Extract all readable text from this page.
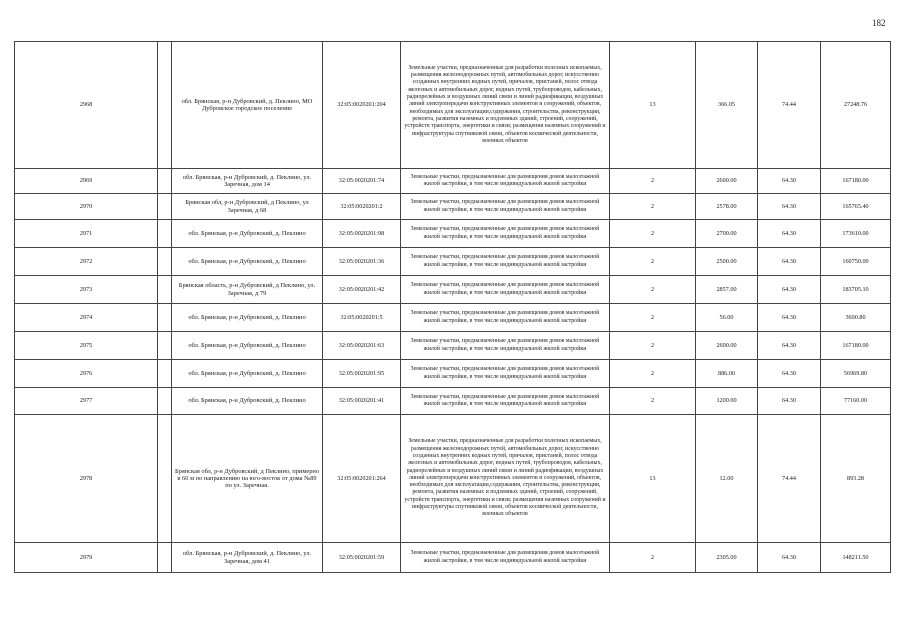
182
2968		обл. Брянская, р-н Дубровский, д. Пеклино, МО Дубровское городское поселение	32:05:0020201:204	Земельные участки, предназначенные для разработки полезных ископаемых, размещения железнодорожных путей, автомобильных дорог, искусственно созданных внутренних водных путей, причалов, пристаней, полос отвода железных и автомобильных дорог, водных путей, трубопроводов, кабельных, радиорелейных и воздушных линий связи и линий радиофикации, воздушных линий электропередачи конструктивных элементов и сооружений, объектов, необходимых для эксплуатации,содержания, строительства, реконструкции, ремонта, развития наземных и подземных зданий, строений, сооружений, устройств транспорта, энергетики и связи; размещения наземных сооружений и инфраструктуры спутниковой связи, объектов космической деятельности, военных объектов	13	366.05	74.44	27248.76
2969		обл. Брянская, р-н Дубровский, д. Пеклино, ул. Заречная, дом 14	32:05:0020201:74	Земельные участки, предназначенные для размещения домов малоэтажной жилой застройки, в том числе индивидуальной жилой застройки	2	2600.00	64.30	167180.00
2970		Брянская обл, р-н Дубровский, д Пеклино, ул Заречная, д 68	32:05:0020201:2	Земельные участки, предназначенные для размещения домов малоэтажной жилой застройки, в том числе индивидуальной жилой застройки	2	2578.00	64.30	165765.40
2971		обл. Брянская, р-н Дубровский, д. Пеклино	32:05:0020201:98	Земельные участки, предназначенные для размещения домов малоэтажной жилой застройки, в том числе индивидуальной жилой застройки	2	2700.00	64.30	173610.00
2972		обл. Брянская, р-н Дубровский, д. Пеклино	32:05:0020201:36	Земельные участки, предназначенные для размещения домов малоэтажной жилой застройки, в том числе индивидуальной жилой застройки	2	2500.00	64.30	160750.00
2973		Брянская область, р-н Дубровский, д Пеклино, ул. Заречная, д 79	32:05:0020201:42	Земельные участки, предназначенные для размещения домов малоэтажной жилой застройки, в том числе индивидуальной жилой застройки	2	2857.00	64.30	183705.10
2974		обл. Брянская, р-н Дубровский, д. Пеклино	32:05:0020201:5	Земельные участки, предназначенные для размещения домов малоэтажной жилой застройки, в том числе индивидуальной жилой застройки	2	56.00	64.30	3600.80
2975		обл. Брянская, р-н Дубровский, д. Пеклино	32:05:0020201:63	Земельные участки, предназначенные для размещения домов малоэтажной жилой застройки, в том числе индивидуальной жилой застройки	2	2600.00	64.30	167180.00
2976		обл. Брянская, р-н Дубровский, д. Пеклино	32:05:0020201:95	Земельные участки, предназначенные для размещения домов малоэтажной жилой застройки, в том числе индивидуальной жилой застройки	2	886.00	64.30	56969.80
2977		обл. Брянская, р-н Дубровский, д. Пеклино	32:05:0020201:41	Земельные участки, предназначенные для размещения домов малоэтажной жилой застройки, в том числе индивидуальной жилой застройки	2	1200.00	64.30	77160.00
2978		Брянская обл, р-н Дубровский, д Пеклино, примерно в 60 м по направлению на юго-восток от дома №89 по ул. Заречная.	32:05:0020201:264	Земельные участки, предназначенные для разработки полезных ископаемых, размещения железнодорожных путей, автомобильных дорог, искусственно созданных внутренних водных путей, причалов, пристаней, полос отвода железных и автомобильных дорог, водных путей, трубопроводов, кабельных, радиорелейных и воздушных линий связи и линий радиофикации, воздушных линий электропередачи конструктивных элементов и сооружений, объектов, необходимых для эксплуатации,содержания, строительства, реконструкции, ремонта, развития наземных и подземных зданий, строений, сооружений, устройств транспорта, энергетики и связи; размещения наземных сооружений и инфраструктуры спутниковой связи, объектов космической деятельности, военных объектов	13	12.00	74.44	893.28
2979		обл. Брянская, р-н Дубровский, д. Пеклино, ул. Заречная, дом 41	32:05:0020201:59	Земельные участки, предназначенные для размещения домов малоэтажной жилой застройки, в том числе индивидуальной жилой застройки	2	2305.00	64.30	148211.50
